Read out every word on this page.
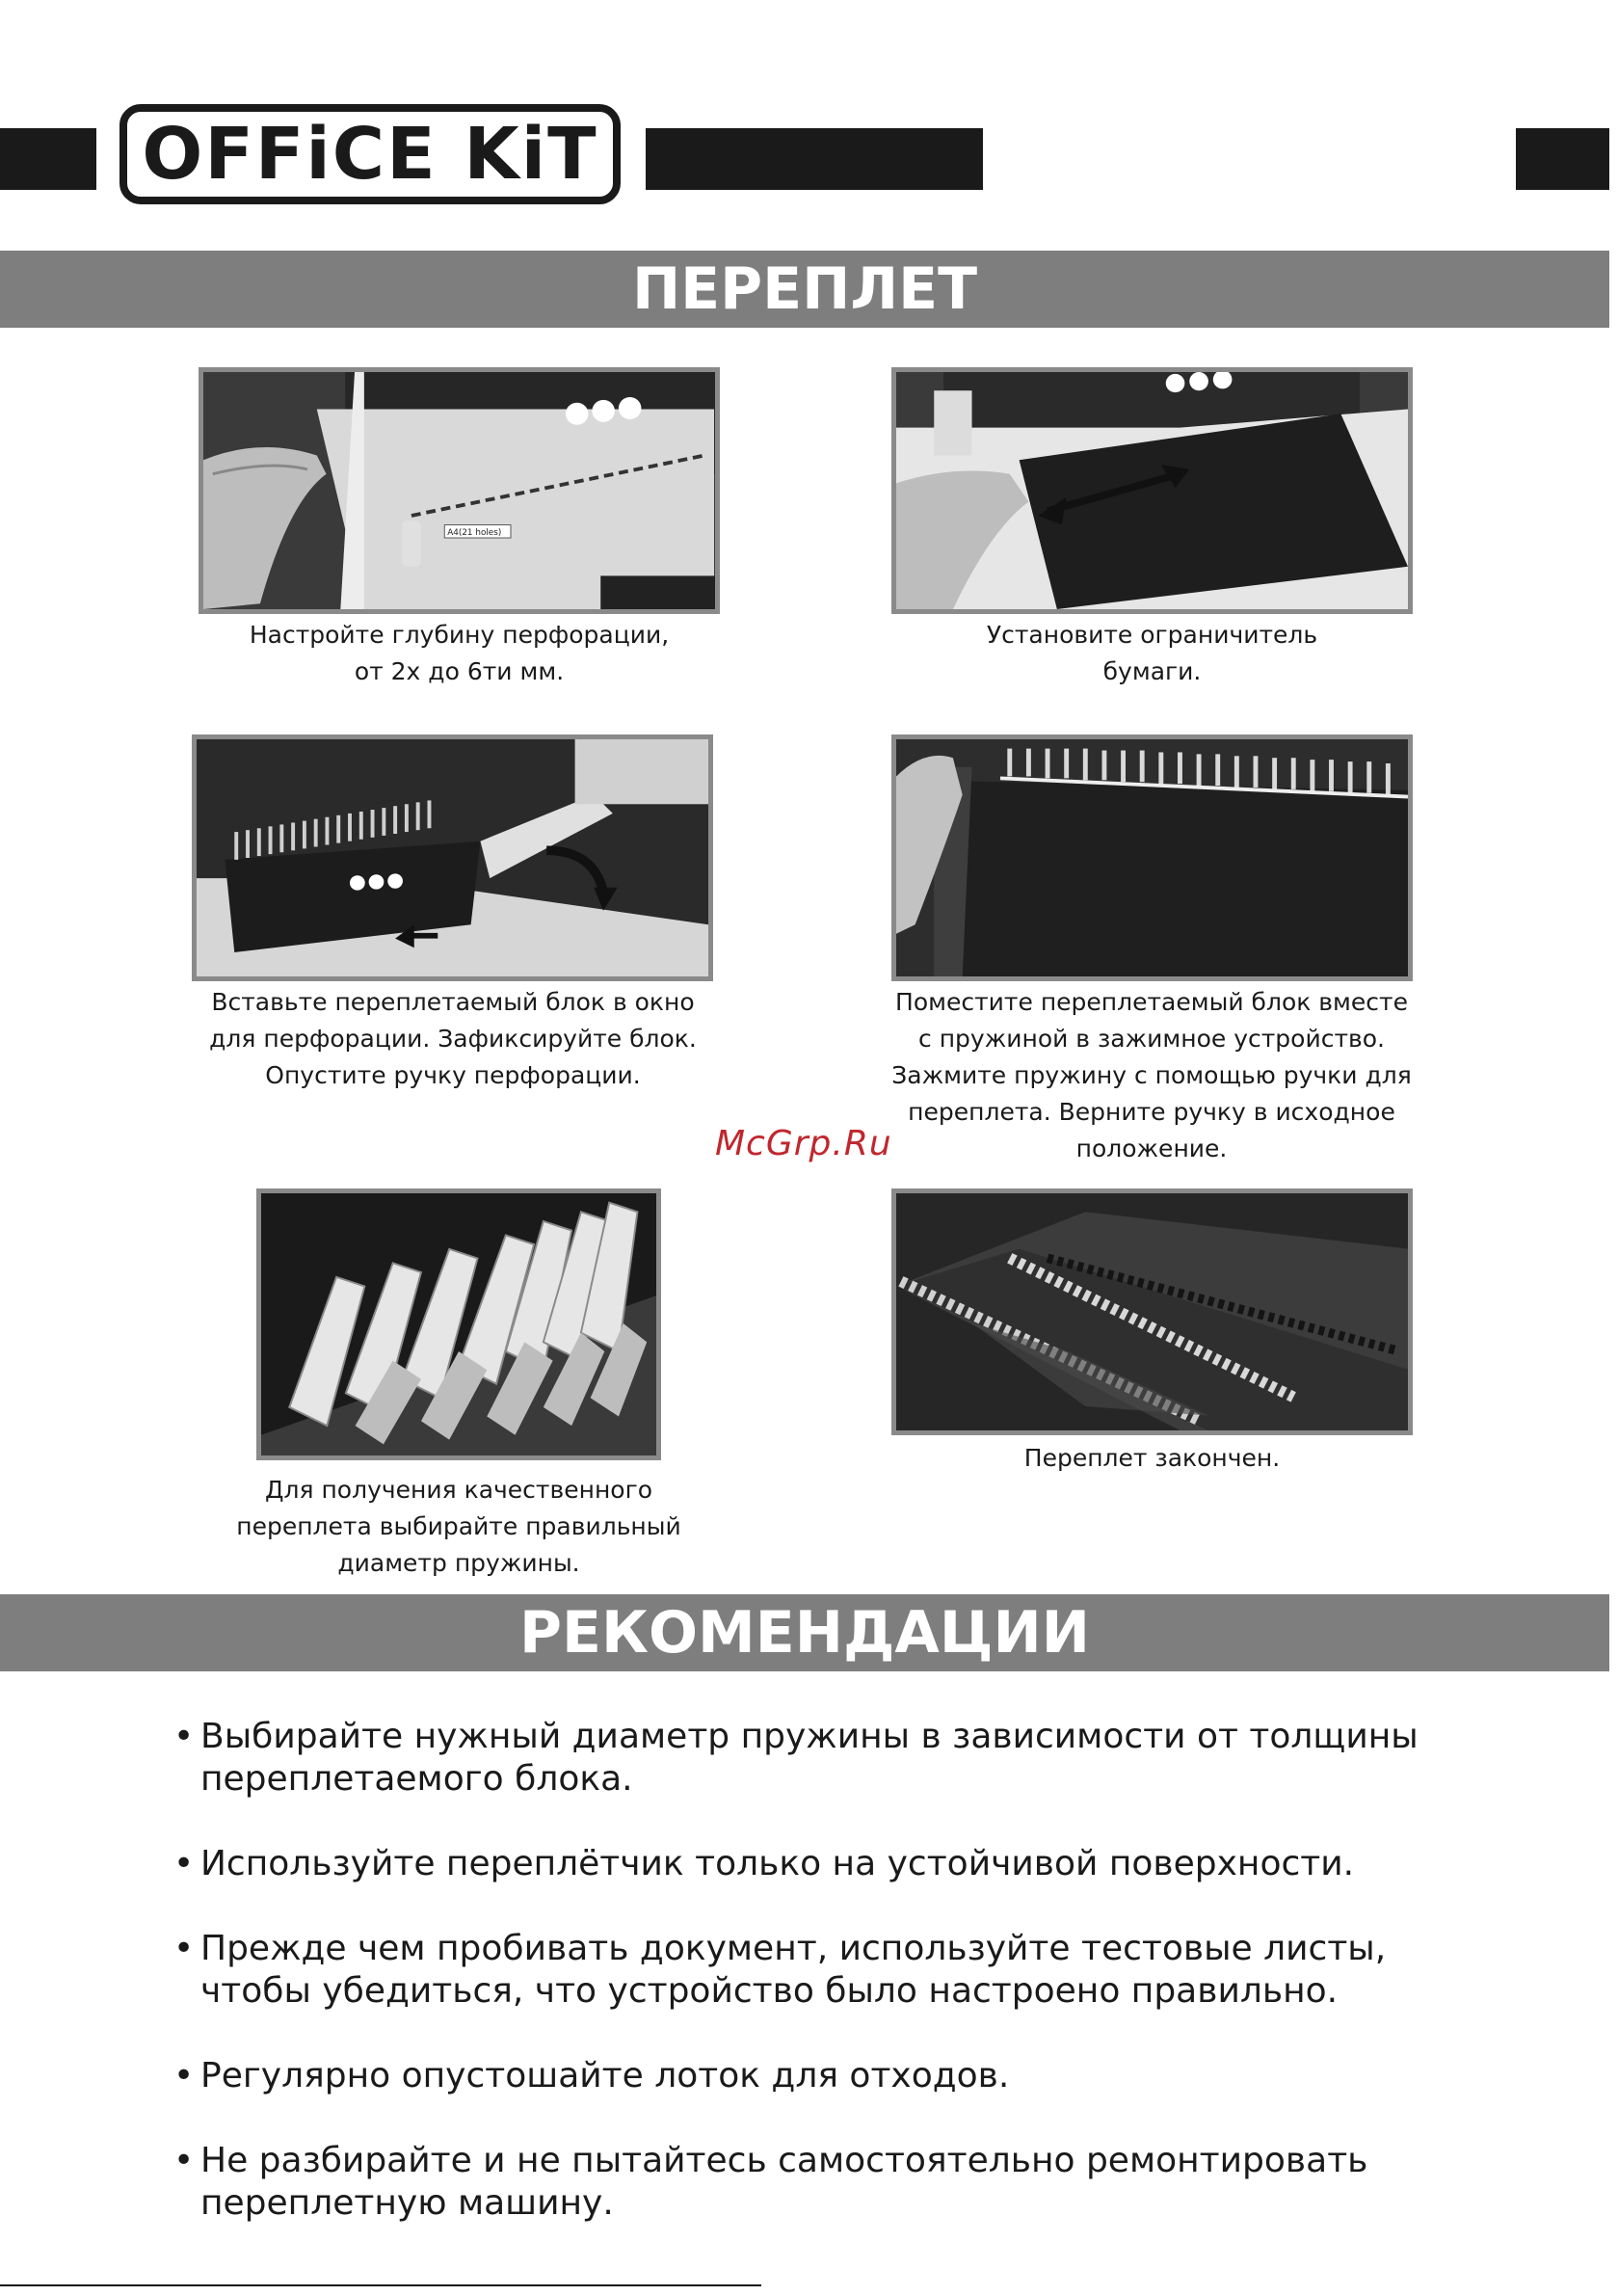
OFFiCE KiT
ПЕРЕПЛЕТ
A4(21 holes)
Настройте глубину перфорации,
от 2х до 6ти мм.
Установите ограничитель
бумаги.
Вставьте переплетаемый блок в окно
для перфорации. Зафиксируйте блок.
Опустите ручку перфорации.
Поместите переплетаемый блок вместе
с пружиной в зажимное устройство.
Зажмите пружину с помощью ручки для
переплета. Верните ручку в исходное
положение.
McGrp.Ru
Для получения качественного
переплета выбирайте правильный
диаметр пружины.
Переплет закончен.
РЕКОМЕНДАЦИИ
• Выбирайте нужный диаметр пружины в зависимости от толщины
переплетаемого блока.
• Используйте переплётчик только на устойчивой поверхности.
• Прежде чем пробивать документ, используйте тестовые листы,
чтобы убедиться, что устройство было настроено правильно.
• Регулярно опустошайте лоток для отходов.
• Не разбирайте и не пытайтесь самостоятельно ремонтировать
переплетную машину.
